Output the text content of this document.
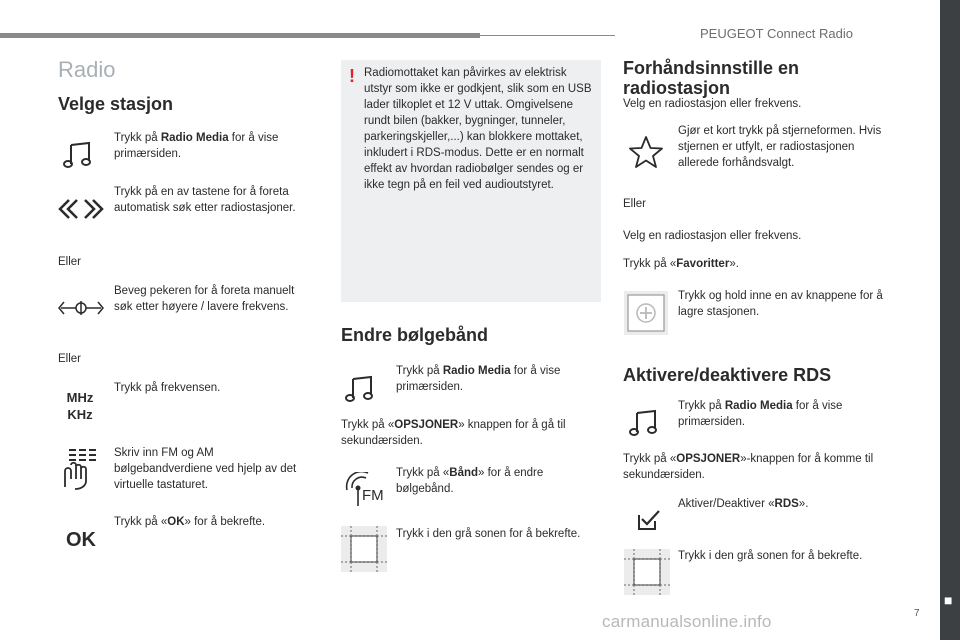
PEUGEOT Connect Radio
■
7
carmanualsonline.info
Radio
Velge stasjon
Trykk på Radio Media for å vise primærsiden.
Trykk på en av tastene for å foreta automatisk søk etter radiostasjoner.
Eller
Beveg pekeren for å foreta manuelt søk etter høyere / lavere frekvens.
Eller
MHz
KHz
Trykk på frekvensen.
Skriv inn FM og AM bølgebandverdiene ved hjelp av det virtuelle tastaturet.
OK
Trykk på «OK» for å bekrefte.
! Radiomottaket kan påvirkes av elektrisk utstyr som ikke er godkjent, slik som en USB lader tilkoplet et 12 V uttak. Omgivelsene rundt bilen (bakker, bygninger, tunneler, parkeringskjeller,...) kan blokkere mottaket, inkludert i RDS-modus. Dette er en normalt effekt av hvordan radiobølger sendes og er ikke tegn på en feil ved audioutstyret.
Endre bølgebånd
Trykk på Radio Media for å vise primærsiden.
Trykk på «OPSJONER» knappen for å gå til sekundærsiden.
FM
Trykk på «Bånd» for å endre bølgebånd.
Trykk i den grå sonen for å bekrefte.
Forhåndsinnstille en radiostasjon
Velg en radiostasjon eller frekvens.
Gjør et kort trykk på stjerneformen. Hvis stjernen er utfylt, er radiostasjonen allerede forhåndsvalgt.
Eller
Velg en radiostasjon eller frekvens.
Trykk på «Favoritter».
Trykk og hold inne en av knappene for å lagre stasjonen.
Aktivere/deaktivere RDS
Trykk på Radio Media for å vise primærsiden.
Trykk på «OPSJONER»-knappen for å komme til sekundærsiden.
Aktiver/Deaktiver «RDS».
Trykk i den grå sonen for å bekrefte.
